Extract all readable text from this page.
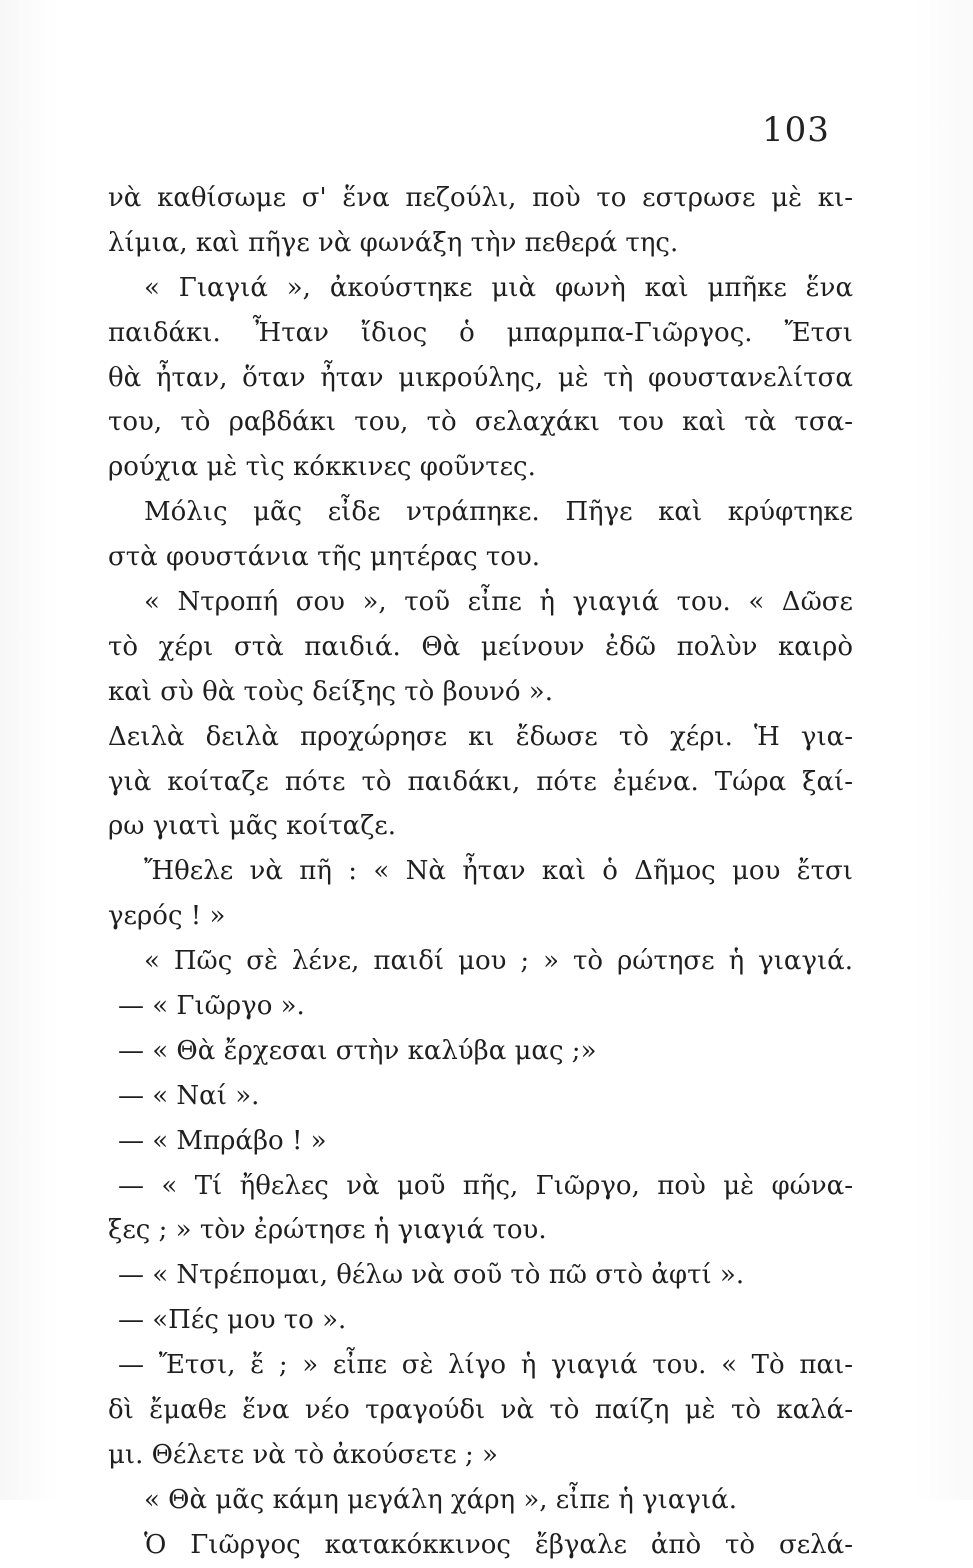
103
νὰ καθίσωμε σ' ἕνα πεζούλι, ποὺ το εστρωσε μὲ κι-
λίμια, καὶ πῆγε νὰ φωνάξη τὴν πεθερά της.
« Γιαγιά », ἀκούστηκε μιὰ φωνὴ καὶ μπῆκε ἕνα
παιδάκι. Ἦταν ἴδιος ὁ μπαρμπα-Γιῶργος. Ἔτσι
θὰ ἦταν, ὅταν ἦταν μικρούλης, μὲ τὴ φουστανελίτσα
του, τὸ ραβδάκι του, τὸ σελαχάκι του καὶ τὰ τσα-
ρούχια μὲ τὶς κόκκινες φοῦντες.
Μόλις μᾶς εἶδε ντράπηκε. Πῆγε καὶ κρύφτηκε
στὰ φουστάνια τῆς μητέρας του.
« Ντροπή σου », τοῦ εἶπε ἡ γιαγιά του. « Δῶσε
τὸ χέρι στὰ παιδιά. Θὰ μείνουν ἐδῶ πολὺν καιρὸ
καὶ σὺ θὰ τοὺς δείξης τὸ βουνό ».
Δειλὰ δειλὰ προχώρησε κι ἔδωσε τὸ χέρι. Ἡ για-
γιὰ κοίταζε πότε τὸ παιδάκι, πότε ἐμένα. Τώρα ξαί-
ρω γιατὶ μᾶς κοίταζε.
Ἤθελε νὰ πῆ : « Νὰ ἦταν καὶ ὁ Δῆμος μου ἔτσι
γερός ! »
« Πῶς σὲ λένε, παιδί μου ; » τὸ ρώτησε ἡ γιαγιά.
— « Γιῶργο ».
— « Θὰ ἔρχεσαι στὴν καλύβα μας ;»
— « Ναί ».
— « Μπράβο ! »
— « Τί ἤθελες νὰ μοῦ πῆς, Γιῶργο, ποὺ μὲ φώνα-
ξες ; » τὸν ἐρώτησε ἡ γιαγιά του.
— « Ντρέπομαι, θέλω νὰ σοῦ τὸ πῶ στὸ ἀφτί ».
— «Πές μου το ».
— Ἔτσι, ἔ ; » εἶπε σὲ λίγο ἡ γιαγιά του. « Τὸ παι-
δὶ ἔμαθε ἕνα νέο τραγούδι νὰ τὸ παίζη μὲ τὸ καλά-
μι. Θέλετε νὰ τὸ ἀκούσετε ; »
« Θὰ μᾶς κάμη μεγάλη χάρη », εἶπε ἡ γιαγιά.
Ὁ Γιῶργος κατακόκκινος ἔβγαλε ἀπὸ τὸ σελά-
